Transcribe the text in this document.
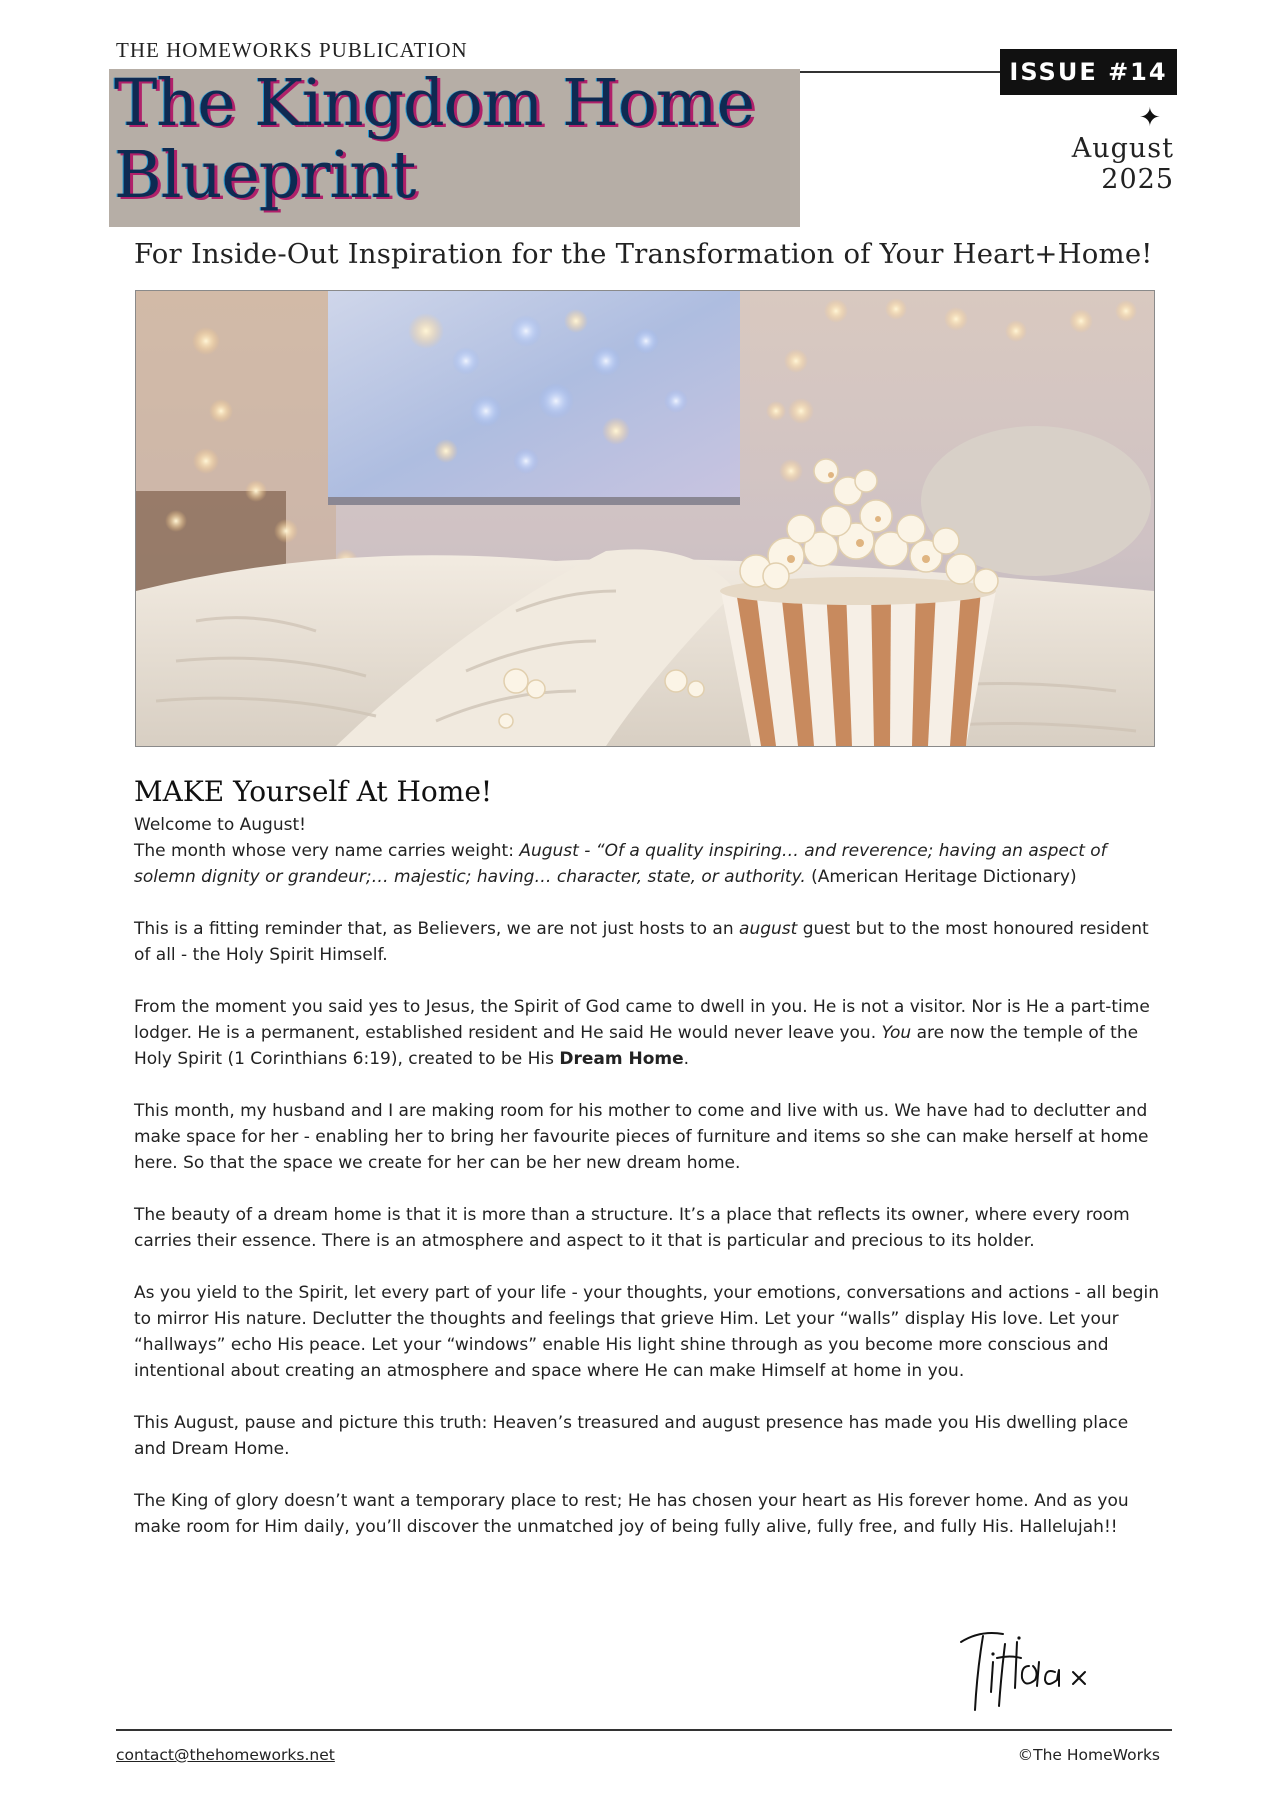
THE HOMEWORKS PUBLICATION
The Kingdom Home
Blueprint
ISSUE #14
✦
August 2025
For Inside-Out Inspiration for the Transformation of Your Heart+Home!
MAKE Yourself At Home!

Welcome to August!

The month whose very name carries weight: August - “Of a quality inspiring… and reverence; having an aspect of solemn dignity or grandeur;… majestic; having… character, state, or authority. (American Heritage Dictionary)

This is a fitting reminder that, as Believers, we are not just hosts to an august guest but to the most honoured resident of all - the Holy Spirit Himself.

From the moment you said yes to Jesus, the Spirit of God came to dwell in you. He is not a visitor. Nor is He a part-time lodger. He is a permanent, established resident and He said He would never leave you. You are now the temple of the Holy Spirit (1 Corinthians 6:19), created to be His Dream Home.

This month, my husband and I are making room for his mother to come and live with us. We have had to declutter and make space for her - enabling her to bring her favourite pieces of furniture and items so she can make herself at home here. So that the space we create for her can be her new dream home.

The beauty of a dream home is that it is more than a structure. It’s a place that reflects its owner, where every room carries their essence. There is an atmosphere and aspect to it that is particular and precious to its holder.

As you yield to the Spirit, let every part of your life - your thoughts, your emotions, conversations and actions - all begin to mirror His nature. Declutter the thoughts and feelings that grieve Him. Let your “walls” display His love. Let your “hallways” echo His peace. Let your “windows” enable His light shine through as you become more conscious and intentional about creating an atmosphere and space where He can make Himself at home in you.

This August, pause and picture this truth: Heaven’s treasured and august presence has made you His dwelling place and Dream Home.

The King of glory doesn’t want a temporary place to rest; He has chosen your heart as His forever home. And as you make room for Him daily, you’ll discover the unmatched joy of being fully alive, fully free, and fully His. Hallelujah!!

contact@thehomeworks.net	©The HomeWorks
